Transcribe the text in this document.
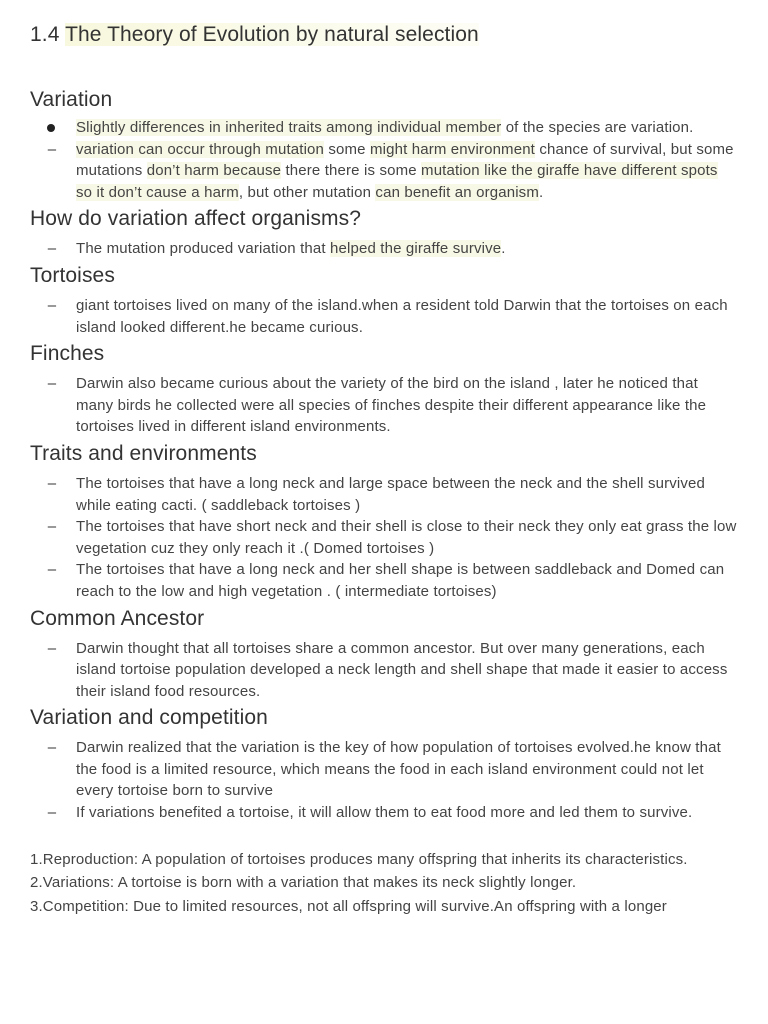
1.4 The Theory of Evolution by natural selection
Variation
Slightly differences in inherited traits among individual member of the species are variation.
– variation can occur through mutation some might harm environment chance of survival, but some mutations don’t harm because there there is some mutation like the giraffe have different spots so it don’t cause a harm, but other mutation can benefit an organism.
How do variation affect organisms?
– The mutation produced variation that helped the giraffe survive.
Tortoises
– giant tortoises lived on many of the island.when a resident told Darwin that the tortoises on each island looked different.he became curious.
Finches
– Darwin also became curious about the variety of the bird on the island , later he noticed that many birds he collected were all species of finches despite their different appearance like the tortoises lived in different island environments.
Traits and environments
– The tortoises that have a long neck and large space between the neck and the shell survived while eating cacti. ( saddleback tortoises )
– The tortoises that have short neck and their shell is close to their neck they only eat grass the low vegetation cuz they only reach it .( Domed tortoises )
– The tortoises that have a long neck and her shell shape is between saddleback and Domed can reach to the low and high vegetation . ( intermediate tortoises)
Common Ancestor
– Darwin thought that all tortoises share a common ancestor. But over many generations, each island tortoise population developed a neck length and shell shape that made it easier to access their island food resources.
Variation and competition
– Darwin realized that the variation is the key of how population of tortoises evolved.he know that the food is a limited resource, which means the food in each island environment could not let every tortoise born to survive
– If variations benefited a tortoise, it will allow them to eat food more and led them to survive.

1.Reproduction: A population of tortoises produces many offspring that inherits its characteristics.

2.Variations: A tortoise is born with a variation that makes its neck slightly longer.

3.Competition: Due to limited resources, not all offspring will survive.An offspring with a longer
